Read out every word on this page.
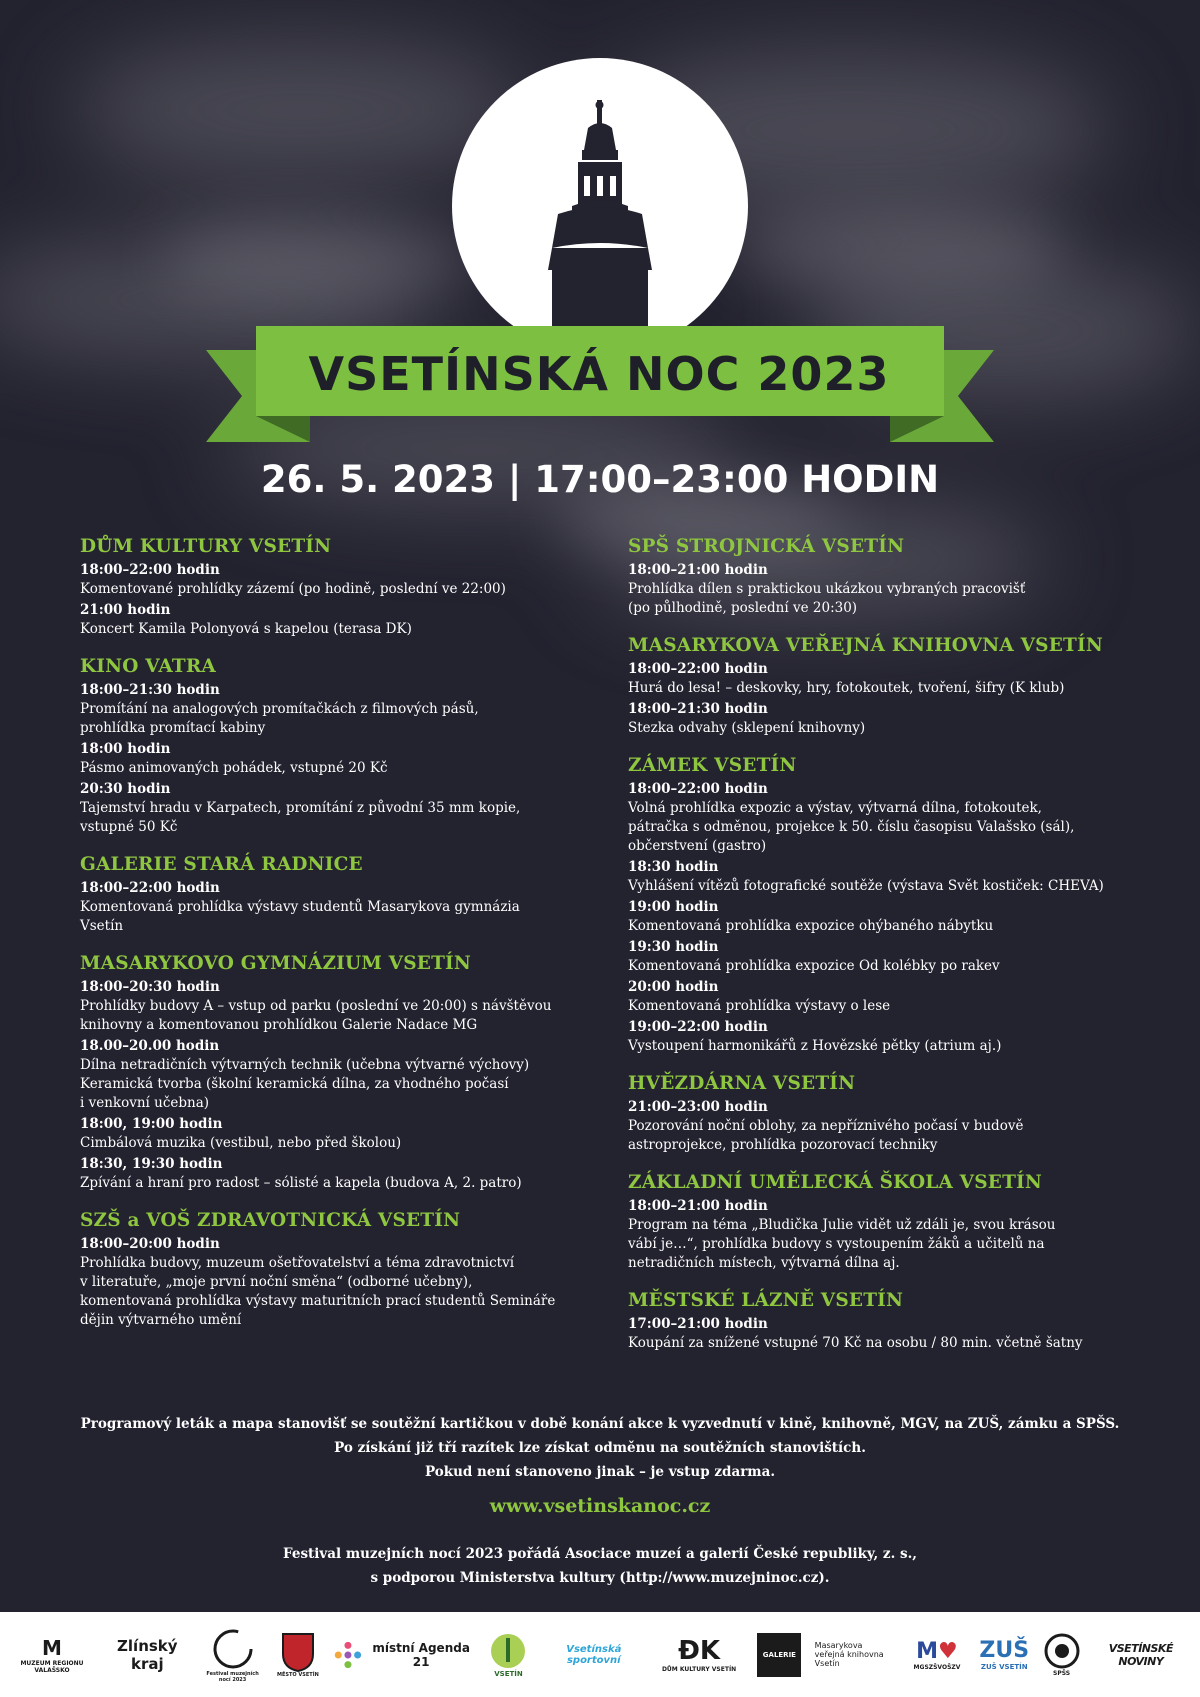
VSETÍNSKÁ NOC 2023
26. 5. 2023 | 17:00–23:00 HODIN
DŮM KULTURY VSETÍN
18:00–22:00 hodin
Komentované prohlídky zázemí (po hodině, poslední ve 22:00)
21:00 hodin
Koncert Kamila Polonyová s kapelou (terasa DK)
KINO VATRA
18:00–21:30 hodin
Promítání na analogových promítačkách z filmových pásů,
prohlídka promítací kabiny
18:00 hodin
Pásmo animovaných pohádek, vstupné 20 Kč
20:30 hodin
Tajemství hradu v Karpatech, promítání z původní 35 mm kopie,
vstupné 50 Kč
GALERIE STARÁ RADNICE
18:00–22:00 hodin
Komentovaná prohlídka výstavy studentů Masarykova gymnázia
Vsetín
MASARYKOVO GYMNÁZIUM VSETÍN
18:00–20:30 hodin
Prohlídky budovy A – vstup od parku (poslední ve 20:00) s návštěvou
knihovny a komentovanou prohlídkou Galerie Nadace MG
18.00–20.00 hodin
Dílna netradičních výtvarných technik (učebna výtvarné výchovy)
Keramická tvorba (školní keramická dílna, za vhodného počasí
i venkovní učebna)
18:00, 19:00 hodin
Cimbálová muzika (vestibul, nebo před školou)
18:30, 19:30 hodin
Zpívání a hraní pro radost – sólisté a kapela (budova A, 2. patro)
SZŠ a VOŠ ZDRAVOTNICKÁ VSETÍN
18:00–20:00 hodin
Prohlídka budovy, muzeum ošetřovatelství a téma zdravotnictví
v literatuře, „moje první noční směna“ (odborné učebny),
komentovaná prohlídka výstavy maturitních prací studentů Semináře
dějin výtvarného umění
SPŠ STROJNICKÁ VSETÍN
18:00–21:00 hodin
Prohlídka dílen s praktickou ukázkou vybraných pracovišť
(po půlhodině, poslední ve 20:30)
MASARYKOVA VEŘEJNÁ KNIHOVNA VSETÍN
18:00–22:00 hodin
Hurá do lesa! – deskovky, hry, fotokoutek, tvoření, šifry (K klub)
18:00–21:30 hodin
Stezka odvahy (sklepení knihovny)
ZÁMEK VSETÍN
18:00–22:00 hodin
Volná prohlídka expozic a výstav, výtvarná dílna, fotokoutek,
pátračka s odměnou, projekce k 50. číslu časopisu Valašsko (sál),
občerstvení (gastro)
18:30 hodin
Vyhlášení vítězů fotografické soutěže (výstava Svět kostiček: CHEVA)
19:00 hodin
Komentovaná prohlídka expozice ohýbaného nábytku
19:30 hodin
Komentovaná prohlídka expozice Od kolébky po rakev
20:00 hodin
Komentovaná prohlídka výstavy o lese
19:00–22:00 hodin
Vystoupení harmonikářů z Hovězské pětky (atrium aj.)
HVĚZDÁRNA VSETÍN
21:00–23:00 hodin
Pozorování noční oblohy, za nepříznivého počasí v budově
astroprojekce, prohlídka pozorovací techniky
ZÁKLADNÍ UMĚLECKÁ ŠKOLA VSETÍN
18:00–21:00 hodin
Program na téma „Bludička Julie vidět už zdáli je, svou krásou
vábí je…“, prohlídka budovy s vystoupením žáků a učitelů na
netradičních místech, výtvarná dílna aj.
MĚSTSKÉ LÁZNĚ VSETÍN
17:00–21:00 hodin
Koupání za snížené vstupné 70 Kč na osobu / 80 min. včetně šatny
Programový leták a mapa stanovišť se soutěžní kartičkou v době konání akce k vyzvednutí v kině, knihovně, MGV, na ZUŠ, zámku a SPŠS.
Po získání již tří razítek lze získat odměnu na soutěžních stanovištích.
Pokud není stanoveno jinak – je vstup zdarma.
www.vsetinskanoc.cz
Festival muzejních nocí 2023 pořádá Asociace muzeí a galerií České republiky, z. s.,
s podporou Ministerstva kultury (http://www.muzejninoc.cz).
M
MUZEUM REGIONU VALAŠSKO
Zlínský kraj
Festival muzejních nocí 2023
MĚSTO VSETÍN
místní Agenda 21
VSETÍN
Vsetínská sportovní	ĐK
DŮM KULTURY VSETÍN
GALERIE
Masarykova veřejná knihovna Vsetín	M♥
MGSZŠVOŠZV
ZUŠ
ZUŠ VSETÍN
SPŠS
VSETÍNSKÉ NOVINY
